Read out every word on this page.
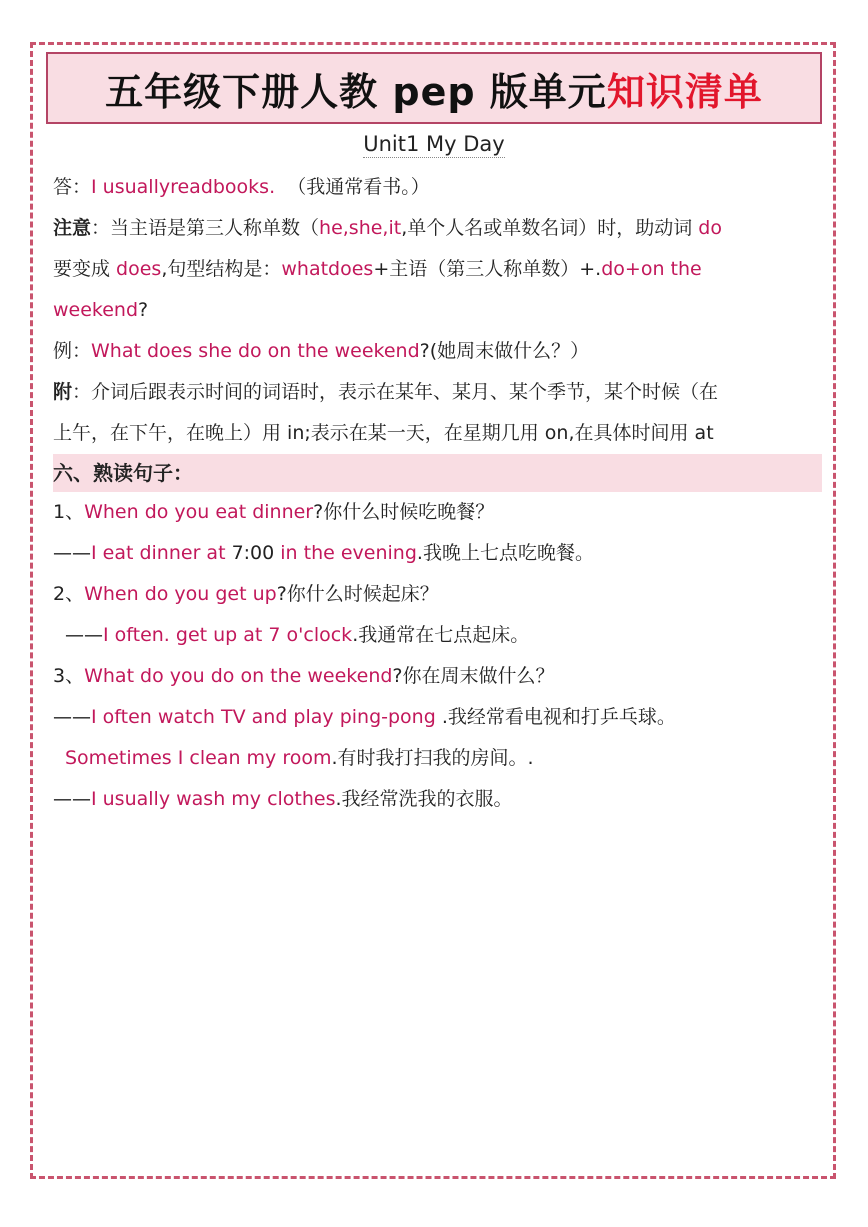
五年级下册人教 pep 版单元 知识清单
Unit1 My Day

答：I usuallyreadbooks. （我通常看书。）

注意：当主语是第三人称单数（he,she,it,单个人名或单数名词）时，助动词 do
要变成 does,句型结构是：whatdoes+主语（第三人称单数）+.do+on the
weekend?

例：What does she do on the weekend?(她周末做什么？）

附：介词后跟表示时间的词语时，表示在某年、某月、某个季节，某个时候（在
上午，在下午，在晚上）用 in;表示在某一天，在星期几用 on,在具体时间用 at

六、熟读句子：

1、When do you eat dinner?你什么时候吃晚餐？

——I eat dinner at 7:00 in the evening.我晚上七点吃晚餐。

2、When do you get up?你什么时候起床？

——I often. get up at 7 o'clock.我通常在七点起床。

3、What do you do on the weekend?你在周末做什么？

——I often watch TV and play ping-pong .我经常看电视和打乒乓球。

Sometimes I clean my room.有时我打扫我的房间。.

——I usually wash my clothes.我经常洗我的衣服。
